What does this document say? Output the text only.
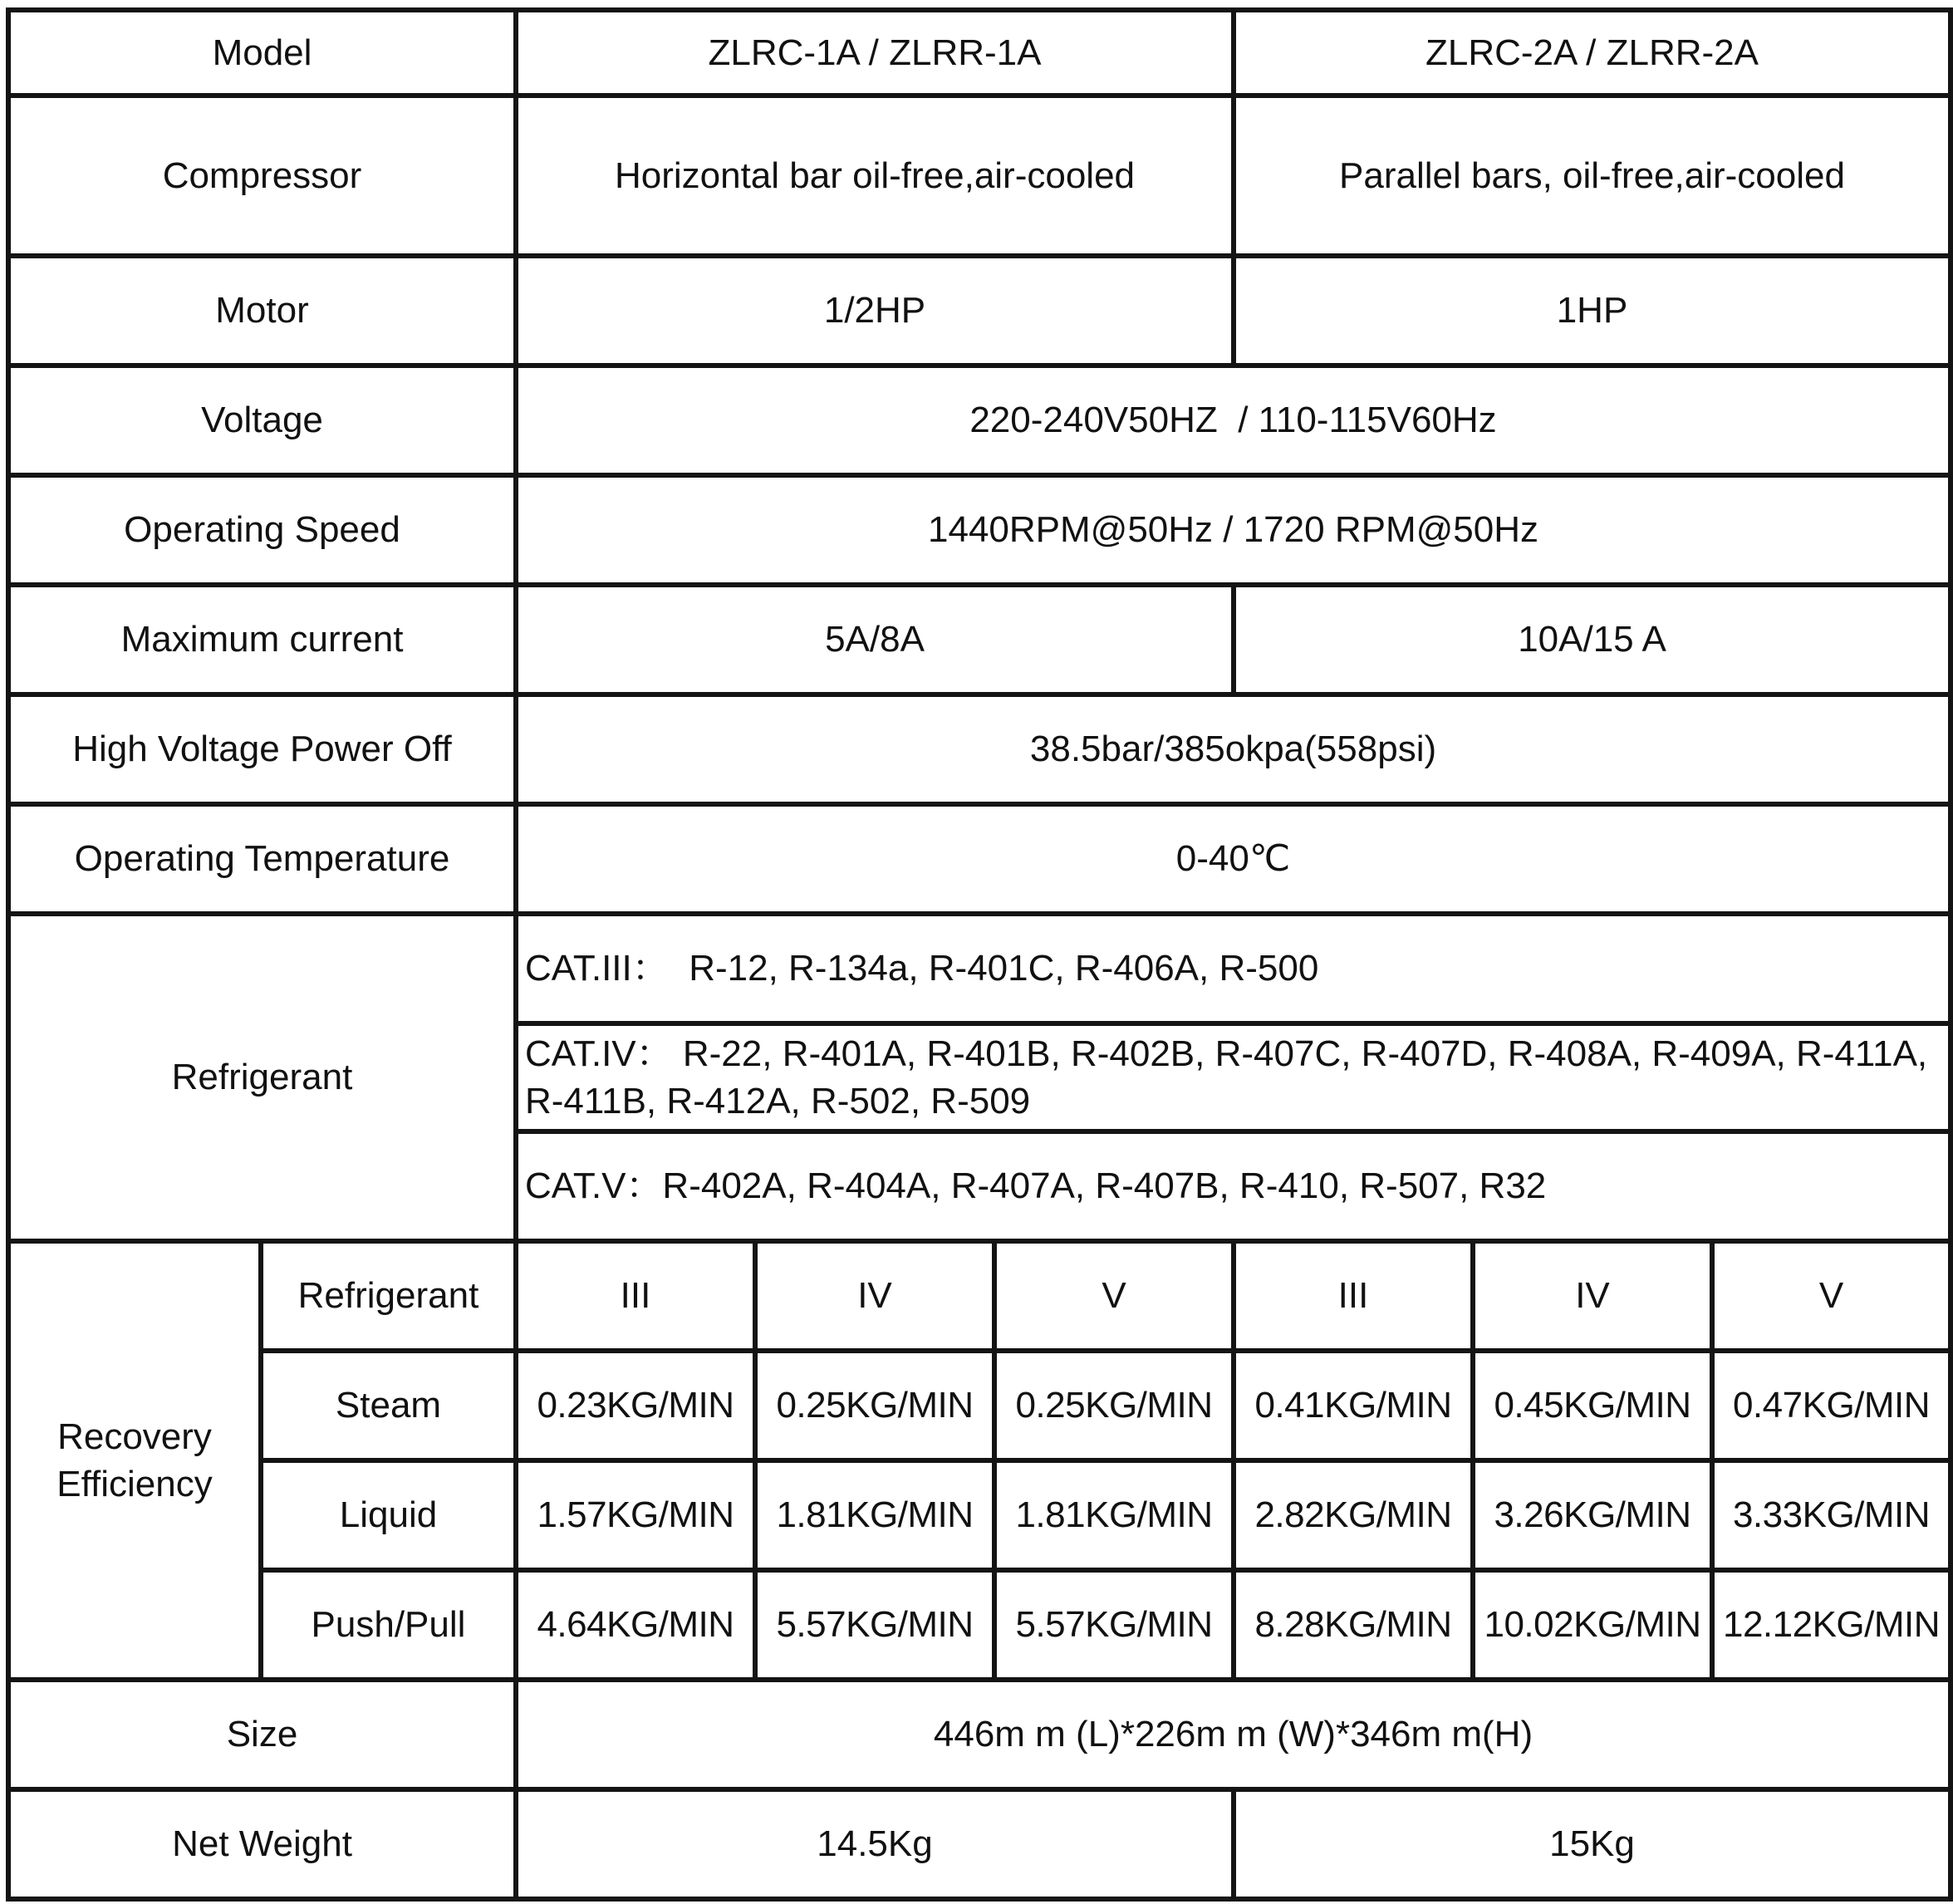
Model		ZLRC-1A / ZLRR-1A			ZLRC-2A / ZLRR-2A		
Compressor		Horizontal bar oil-free,air-cooled			Parallel bars, oil-free,air-cooled		
Motor		1/2HP			1HP		
Voltage		220-240V50HZ  / 110-115V60Hz					
Operating Speed		1440RPM@50Hz / 1720 RPM@50Hz					
Maximum current		5A/8A			10A/15 A		
High Voltage Power Off		38.5bar/385okpa(558psi)					
Operating Temperature		0-40℃					
Refrigerant		CAT.III：  R-12, R-134a, R-401C, R-406A, R-500					
		CAT.IV： R-22, R-401A, R-401B, R-402B, R-407C, R-407D, R-408A, R-409A, R-411A, R-411B, R-412A, R-502, R-509					
		CAT.V：R-402A, R-404A, R-407A, R-407B, R-410, R-507, R32					
Recovery Efficiency	Refrigerant	III	IV	V	III	IV	V
	Steam	0.23KG/MIN	0.25KG/MIN	0.25KG/MIN	0.41KG/MIN	0.45KG/MIN	0.47KG/MIN
	Liquid	1.57KG/MIN	1.81KG/MIN	1.81KG/MIN	2.82KG/MIN	3.26KG/MIN	3.33KG/MIN
	Push/Pull	4.64KG/MIN	5.57KG/MIN	5.57KG/MIN	8.28KG/MIN	10.02KG/MIN	12.12KG/MIN
Size		446m m (L)*226m m (W)*346m m(H)					
Net Weight		14.5Kg			15Kg		
